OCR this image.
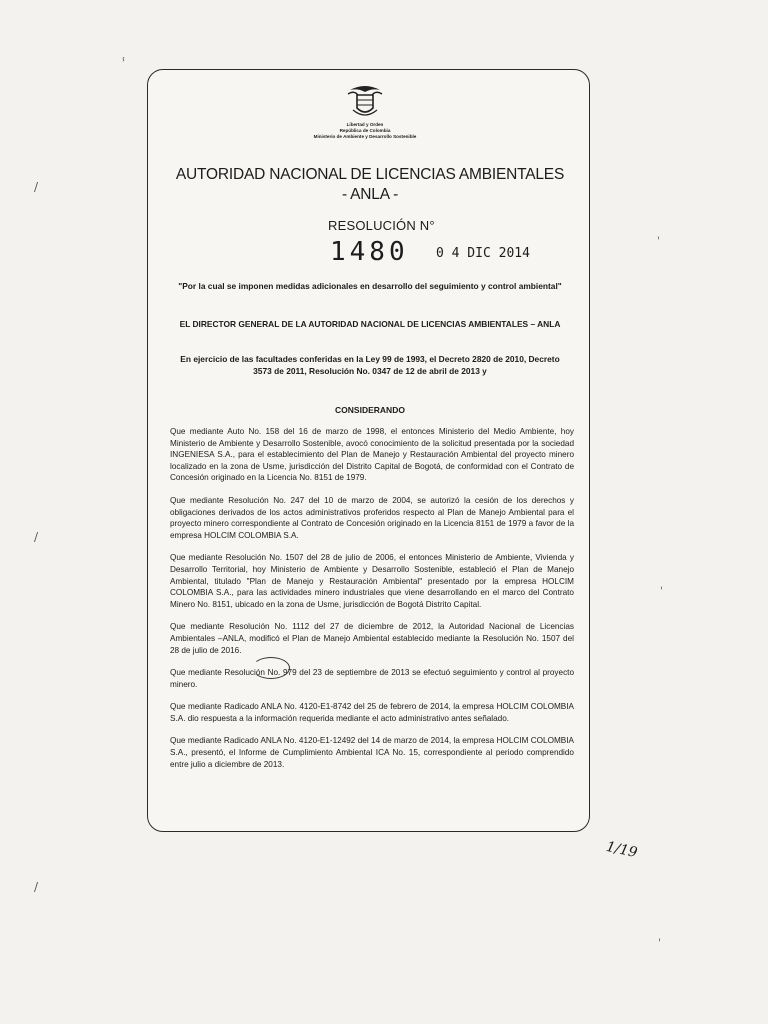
ⸯ
/
/
/
'
'
'
Libertad y Orden
República de Colombia
Ministerio de Ambiente y Desarrollo Sostenible
AUTORIDAD NACIONAL DE LICENCIAS AMBIENTALES
- ANLA -
RESOLUCIÓN N°
1480 0 4 DIC 2014
"Por la cual se imponen medidas adicionales en desarrollo del seguimiento y control ambiental"
EL DIRECTOR GENERAL DE LA AUTORIDAD NACIONAL DE LICENCIAS AMBIENTALES – ANLA
En ejercicio de las facultades conferidas en la Ley 99 de 1993, el Decreto 2820 de 2010, Decreto 3573 de 2011, Resolución No. 0347 de 12 de abril de 2013 y
CONSIDERANDO

Que mediante Auto No. 158 del 16 de marzo de 1998, el entonces Ministerio del Medio Ambiente, hoy Ministerio de Ambiente y Desarrollo Sostenible, avocó conocimiento de la solicitud presentada por la sociedad INGENIESA S.A., para el establecimiento del Plan de Manejo y Restauración Ambiental del proyecto minero localizado en la zona de Usme, jurisdicción del Distrito Capital de Bogotá, de conformidad con el Contrato de Concesión originado en la Licencia No. 8151 de 1979.

Que mediante Resolución No. 247 del 10 de marzo de 2004, se autorizó la cesión de los derechos y obligaciones derivados de los actos administrativos proferidos respecto al Plan de Manejo Ambiental para el proyecto minero correspondiente al Contrato de Concesión originado en la Licencia 8151 de 1979 a favor de la empresa HOLCIM COLOMBIA S.A.

Que mediante Resolución No. 1507 del 28 de julio de 2006, el entonces Ministerio de Ambiente, Vivienda y Desarrollo Territorial, hoy Ministerio de Ambiente y Desarrollo Sostenible, estableció el Plan de Manejo Ambiental, titulado "Plan de Manejo y Restauración Ambiental" presentado por la empresa HOLCIM COLOMBIA S.A., para las actividades minero industriales que viene desarrollando en el marco del Contrato Minero No. 8151, ubicado en la zona de Usme, jurisdicción de Bogotá Distrito Capital.

Que mediante Resolución No. 1112 del 27 de diciembre de 2012, la Autoridad Nacional de Licencias Ambientales –ANLA, modificó el Plan de Manejo Ambiental establecido mediante la Resolución No. 1507 del 28 de julio de 2016.

Que mediante Resolución No. 979 del 23 de septiembre de 2013 se efectuó seguimiento y control al proyecto minero.

Que mediante Radicado ANLA No. 4120-E1-8742 del 25 de febrero de 2014, la empresa HOLCIM COLOMBIA S.A. dio respuesta a la información requerida mediante el acto administrativo antes señalado.

Que mediante Radicado ANLA No. 4120-E1-12492 del 14 de marzo de 2014, la empresa HOLCIM COLOMBIA S.A., presentó, el Informe de Cumplimiento Ambiental ICA No. 15, correspondiente al periodo comprendido entre julio a diciembre de 2013.

1/19
